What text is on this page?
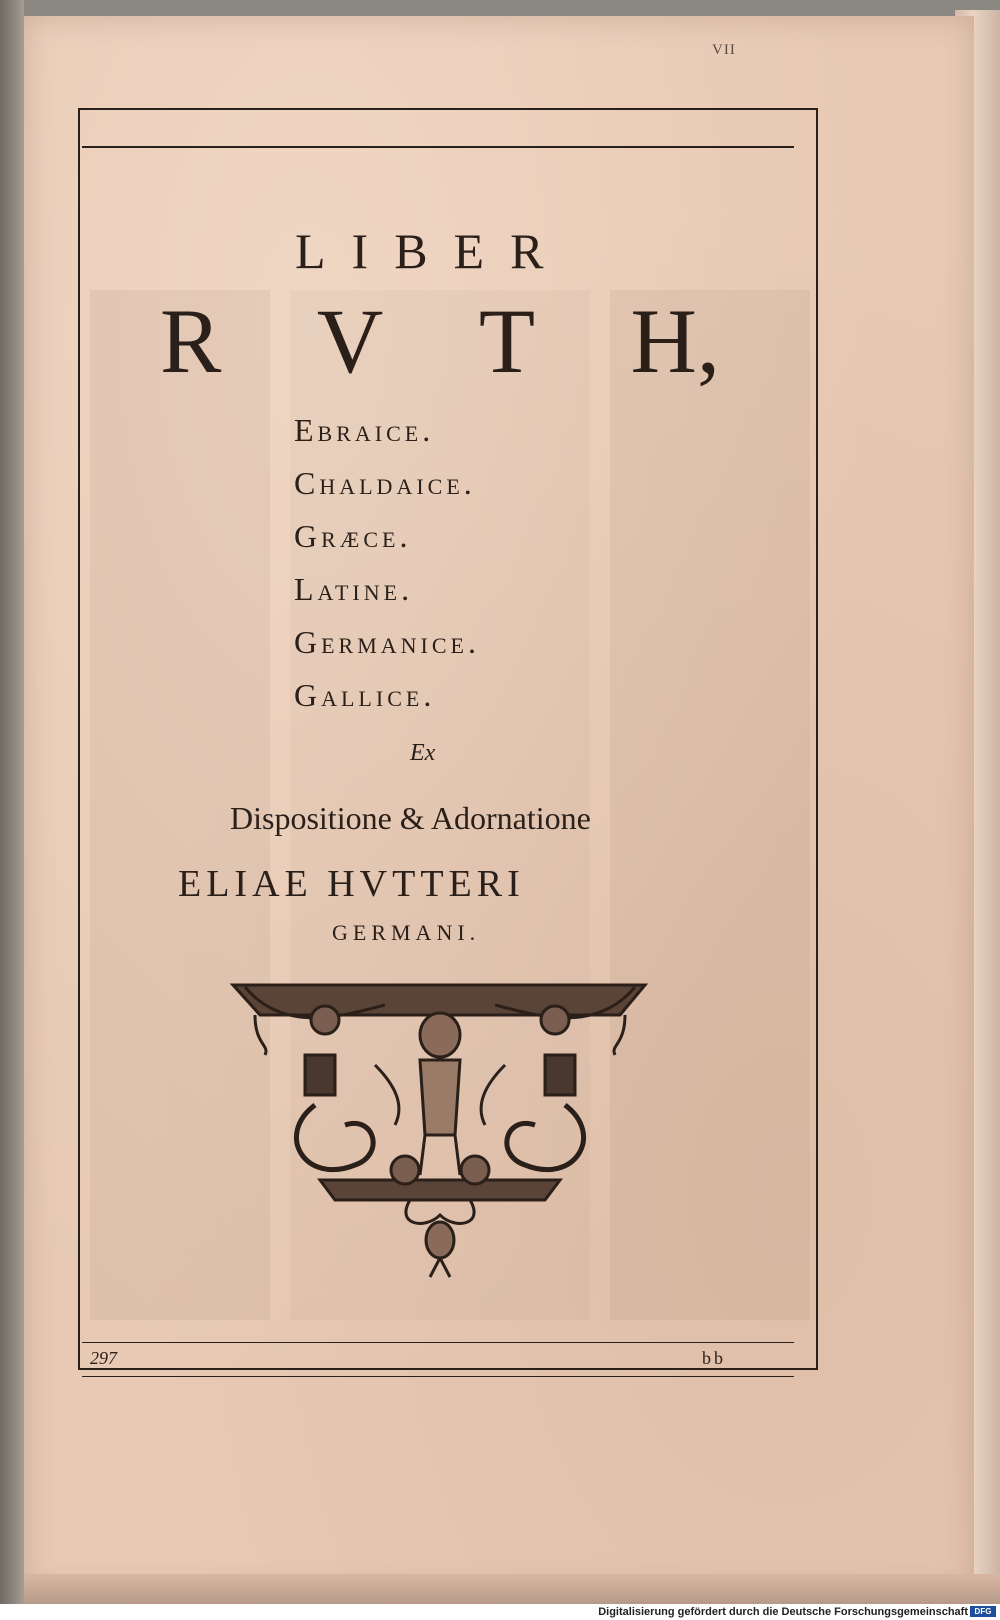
VII
LIBER
R V T H,
Ebraice.
Chaldaice.
Græce.
Latine.
Germanice.
Gallice.
Ex
Dispositione & Adornatione
ELIAE HVTTERI
GERMANI.
297	bb
Digitalisierung gefördert durch die Deutsche Forschungsgemeinschaft DFG
